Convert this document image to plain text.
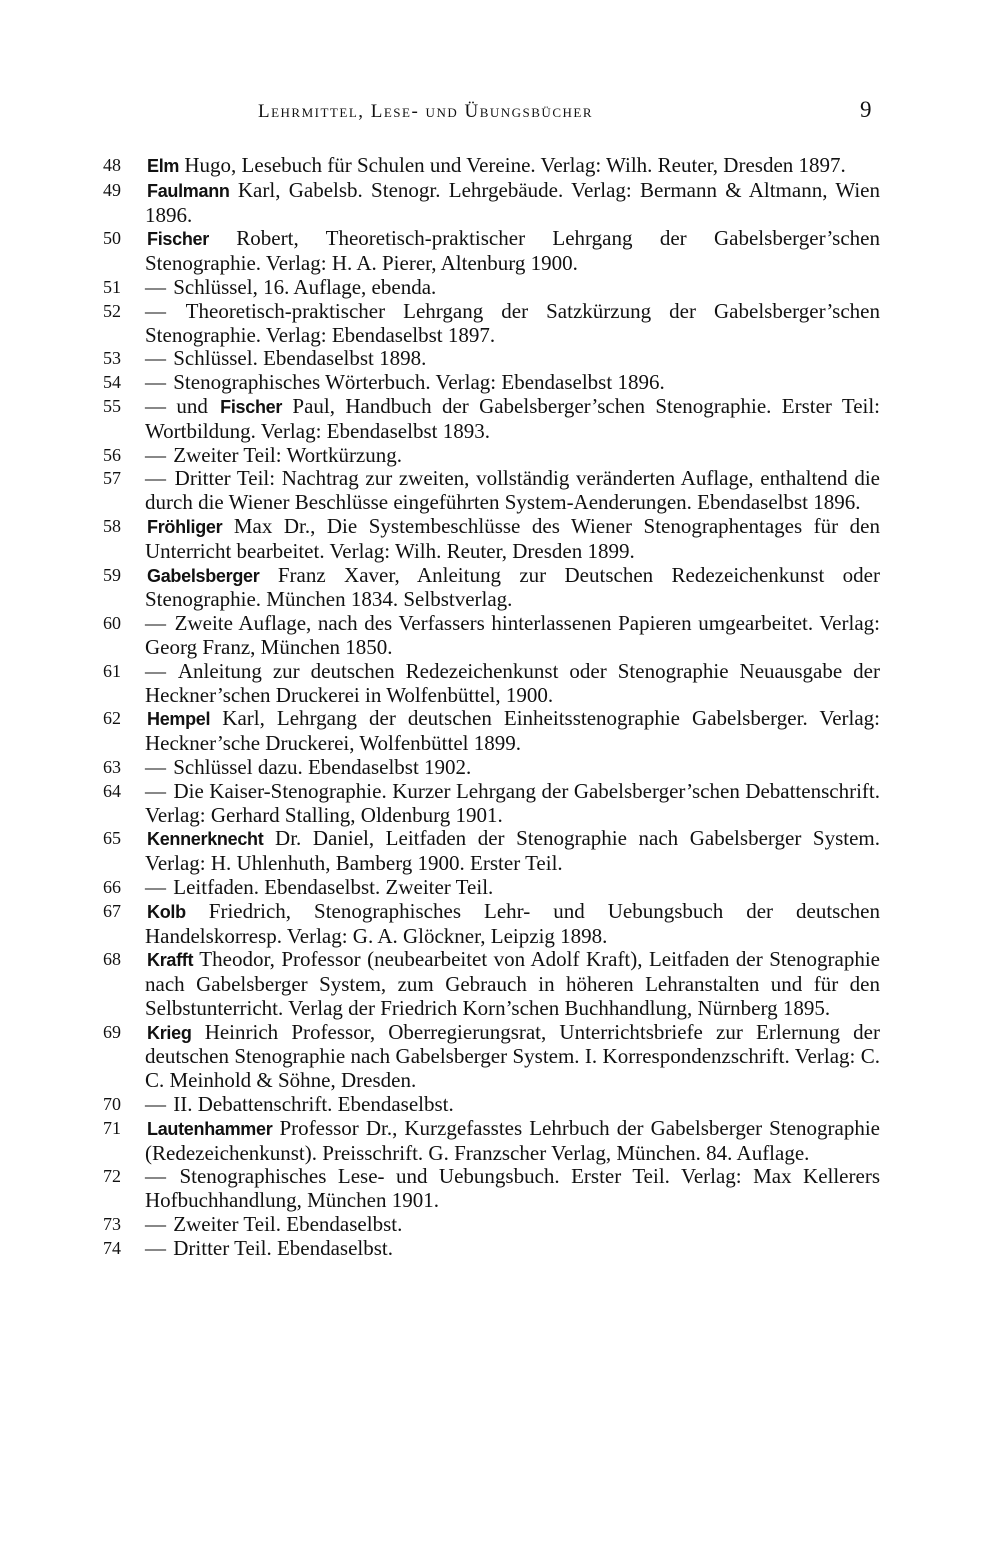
Lehrmittel, Lese- und Übungsbücher	9
48 Elm Hugo, Lesebuch für Schulen und Vereine. Verlag: Wilh. Reuter, Dresden 1897.
49 Faulmann Karl, Gabelsb. Stenogr. Lehrgebäude. Verlag: Bermann & Altmann, Wien 1896.
50 Fischer Robert, Theoretisch-praktischer Lehrgang der Gabelsberger’schen Stenographie. Verlag: H. A. Pierer, Altenburg 1900.
51 — Schlüssel, 16. Auflage, ebenda.
52 — Theoretisch-praktischer Lehrgang der Satzkürzung der Gabelsberger’schen Stenographie. Verlag: Ebendaselbst 1897.
53 — Schlüssel. Ebendaselbst 1898.
54 — Stenographisches Wörterbuch. Verlag: Ebendaselbst 1896.
55 — und Fischer Paul, Handbuch der Gabelsberger’schen Stenographie. Erster Teil: Wortbildung. Verlag: Ebendaselbst 1893.
56 — Zweiter Teil: Wortkürzung.
57 — Dritter Teil: Nachtrag zur zweiten, vollständig veränderten Auflage, enthaltend die durch die Wiener Beschlüsse eingeführten System-Aenderungen. Ebendaselbst 1896.
58 Fröhliger Max Dr., Die Systembeschlüsse des Wiener Stenographentages für den Unterricht bearbeitet. Verlag: Wilh. Reuter, Dresden 1899.
59 Gabelsberger Franz Xaver, Anleitung zur Deutschen Redezeichenkunst oder Stenographie. München 1834. Selbstverlag.
60 — Zweite Auflage, nach des Verfassers hinterlassenen Papieren umgearbeitet. Verlag: Georg Franz, München 1850.
61 — Anleitung zur deutschen Redezeichenkunst oder Stenographie Neuausgabe der Heckner’schen Druckerei in Wolfenbüttel, 1900.
62 Hempel Karl, Lehrgang der deutschen Einheitsstenographie Gabelsberger. Verlag: Heckner’sche Druckerei, Wolfenbüttel 1899.
63 — Schlüssel dazu. Ebendaselbst 1902.
64 — Die Kaiser-Stenographie. Kurzer Lehrgang der Gabelsberger’schen Debattenschrift. Verlag: Gerhard Stalling, Oldenburg 1901.
65 Kennerknecht Dr. Daniel, Leitfaden der Stenographie nach Gabelsberger System. Verlag: H. Uhlenhuth, Bamberg 1900. Erster Teil.
66 — Leitfaden. Ebendaselbst. Zweiter Teil.
67 Kolb Friedrich, Stenographisches Lehr- und Uebungsbuch der deutschen Handelskorresp. Verlag: G. A. Glöckner, Leipzig 1898.
68 Krafft Theodor, Professor (neubearbeitet von Adolf Kraft), Leitfaden der Stenographie nach Gabelsberger System, zum Gebrauch in höheren Lehranstalten und für den Selbstunterricht. Verlag der Friedrich Korn’schen Buchhandlung, Nürnberg 1895.
69 Krieg Heinrich Professor, Oberregierungsrat, Unterrichtsbriefe zur Erlernung der deutschen Stenographie nach Gabelsberger System. I. Korrespondenzschrift. Verlag: C. C. Meinhold & Söhne, Dresden.
70 — II. Debattenschrift. Ebendaselbst.
71 Lautenhammer Professor Dr., Kurzgefasstes Lehrbuch der Gabelsberger Stenographie (Redezeichenkunst). Preisschrift. G. Franzscher Verlag, München. 84. Auflage.
72 — Stenographisches Lese- und Uebungsbuch. Erster Teil. Verlag: Max Kellerers Hofbuchhandlung, München 1901.
73 — Zweiter Teil. Ebendaselbst.
74 — Dritter Teil. Ebendaselbst.
